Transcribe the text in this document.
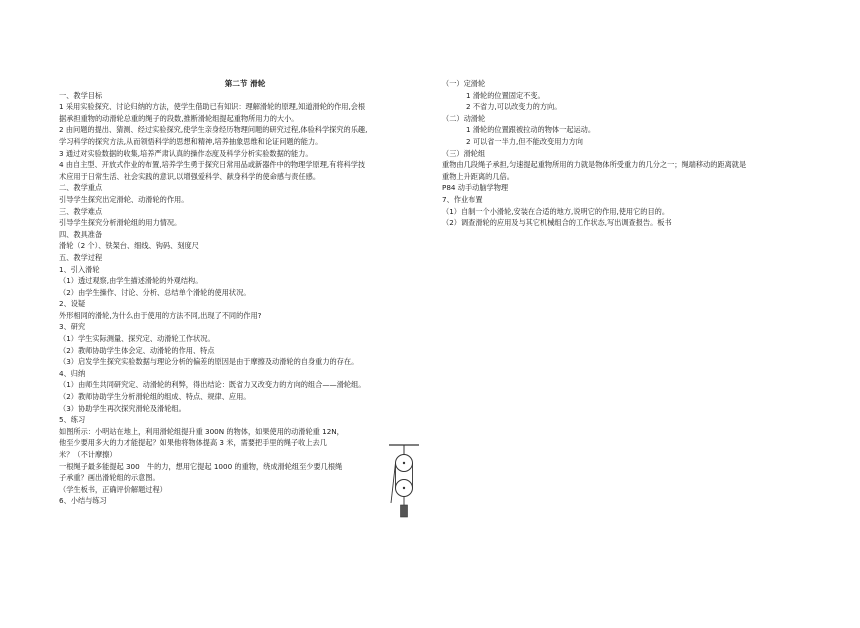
第二节 滑轮
一、教学目标
1 采用实验探究、讨论归纳的方法，使学生借助已有知识：理解滑轮的原理,知道滑轮的作用,会根
据承担重物的动滑轮总重的绳子的段数,推断滑轮组提起重物所用力的大小。
2 由问题的提出、猜测、经过实验探究,使学生亲身经历物理问题的研究过程,体验科学探究的乐趣,
学习科学的探究方法,从而领悟科学的思想和精神,培养抽象思维和论证问题的能力。
3 通过对实验数据的收集,培养严肃认真的操作态度及科学分析实验数据的能力。
4 由自主型、开放式作业的布置,培养学生勇于探究日常用品或新器件中的物理学原理,有将科学技
术应用于日常生活、社会实践的意识,以增强爱科学、献身科学的使命感与责任感。
二、教学重点
引导学生探究出定滑轮、动滑轮的作用。
三、教学难点
引导学生探究分析滑轮组的用力情况。
四、教具准备
滑轮（2 个）、铁架台、细线、钩码、刻度尺
五、教学过程
1、引入滑轮
（1）透过观察,由学生描述滑轮的外观结构。
（2）由学生操作、讨论、分析、总结单个滑轮的使用状况。
2、设疑
外形相同的滑轮,为什么由于使用的方法不同,出现了不同的作用?
3、研究
（1）学生实际测量、探究定、动滑轮工作状况。
（2）教师协助学生体会定、动滑轮的作用、特点
（3）启发学生探究实验数据与理论分析的偏差的原因是由于摩擦及动滑轮的自身重力的存在。
4、归纳
（1）由师生共同研究定、动滑轮的利弊，得出结论：既省力又改变力的方向的组合——滑轮组。
（2）教师协助学生分析滑轮组的组成、特点、规律、应用。
（3）协助学生再次探究滑轮及滑轮组。
5、练习
如图所示：小明站在地上，利用滑轮组提升重 300N 的物体，如果使用的动滑轮重 12N，
他至少要用多大的力才能提起？如果他将物体提高 3 米，需要把手里的绳子收上去几
米？（不计摩擦）
一根绳子最多能提起 300　牛的力，想用它提起 1000 的重物，绕成滑轮组至少要几根绳
子承重？画出滑轮组的示意图。
（学生板书，正确评价解题过程）
6、小结与练习
（一）定滑轮
1 滑轮的位置固定不变。
2 不省力,可以改变力的方向。
（二）动滑轮
1 滑轮的位置跟被拉动的物体一起运动。
2 可以省一半力,但不能改变用力方向
（三）滑轮组
重物由几段绳子承担,匀速提起重物所用的力就是物体所受重力的几分之一；绳端移动的距离就是
重物上升距离的几倍。
P84 动手动脑学物理
7、作业布置
（1）自制一个小滑轮,安装在合适的地方,说明它的作用,使用它的目的。
（2）调查滑轮的应用及与其它机械组合的工作状态,写出调查报告。板书
